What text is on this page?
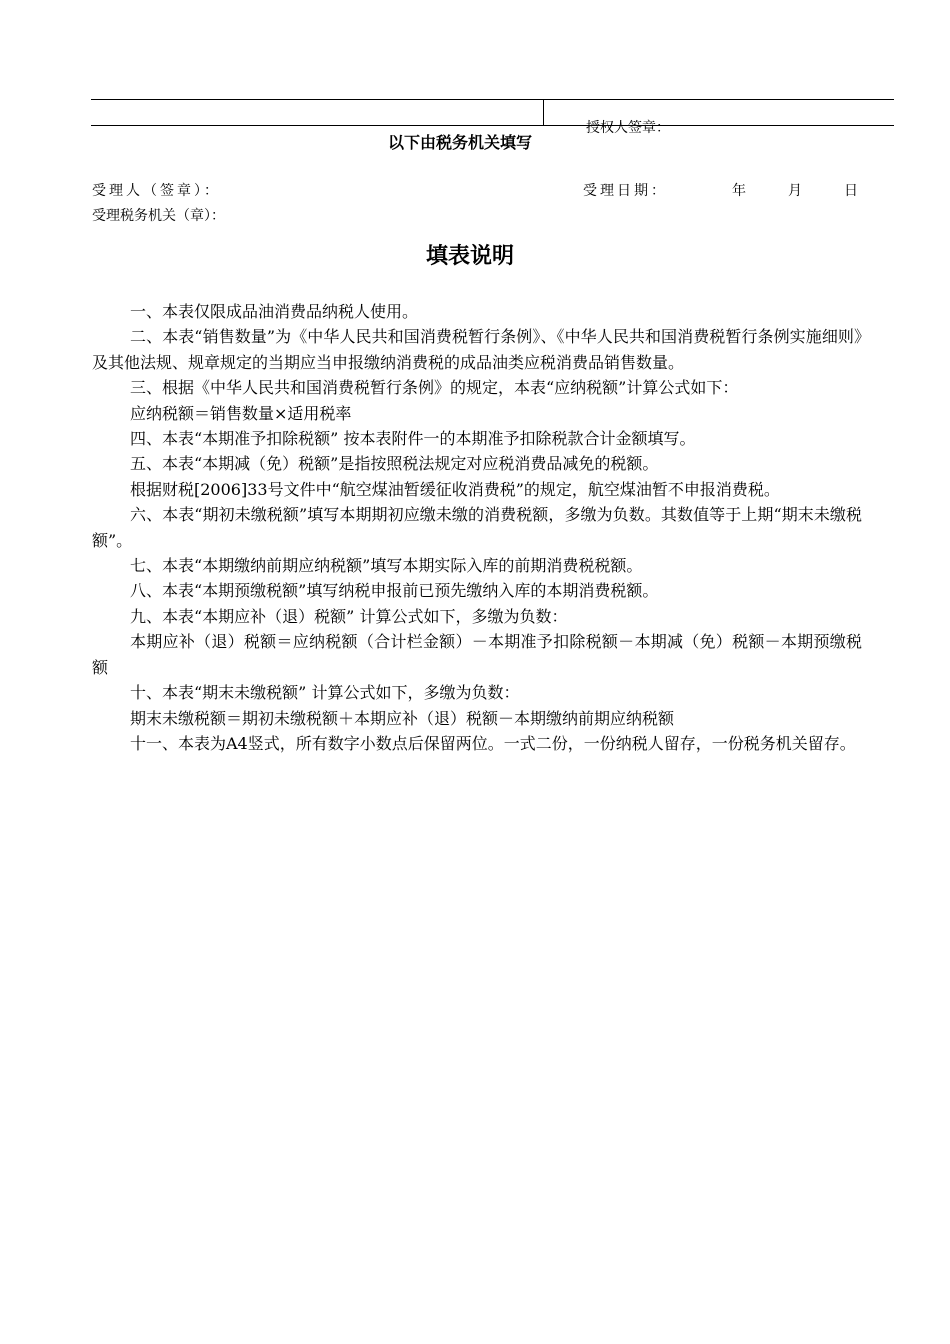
授权人签章：
以下由税务机关填写
受理人（签章）：	受理日期：	年	月	日
受理税务机关（章）：
填表说明

一、本表仅限成品油消费品纳税人使用。

二、本表“销售数量”为《中华人民共和国消费税暂行条例》、《中华人民共和国消费税暂行条例实施细则》及其他法规、规章规定的当期应当申报缴纳消费税的成品油类应税消费品销售数量。

三、根据《中华人民共和国消费税暂行条例》的规定，本表“应纳税额”计算公式如下：

应纳税额＝销售数量×适用税率

四、本表“本期准予扣除税额” 按本表附件一的本期准予扣除税款合计金额填写。

五、本表“本期减（免）税额”是指按照税法规定对应税消费品减免的税额。

根据财税[2006]33号文件中“航空煤油暂缓征收消费税”的规定，航空煤油暂不申报消费税。

六、本表“期初未缴税额”填写本期期初应缴未缴的消费税额，多缴为负数。其数值等于上期“期末未缴税额”。

七、本表“本期缴纳前期应纳税额”填写本期实际入库的前期消费税税额。

八、本表“本期预缴税额”填写纳税申报前已预先缴纳入库的本期消费税额。

九、本表“本期应补（退）税额” 计算公式如下，多缴为负数：

本期应补（退）税额＝应纳税额（合计栏金额）－本期准予扣除税额－本期减（免）税额－本期预缴税额

十、本表“期末未缴税额” 计算公式如下，多缴为负数：

期末未缴税额＝期初未缴税额＋本期应补（退）税额－本期缴纳前期应纳税额

十一、本表为A4竖式，所有数字小数点后保留两位。一式二份，一份纳税人留存，一份税务机关留存。
